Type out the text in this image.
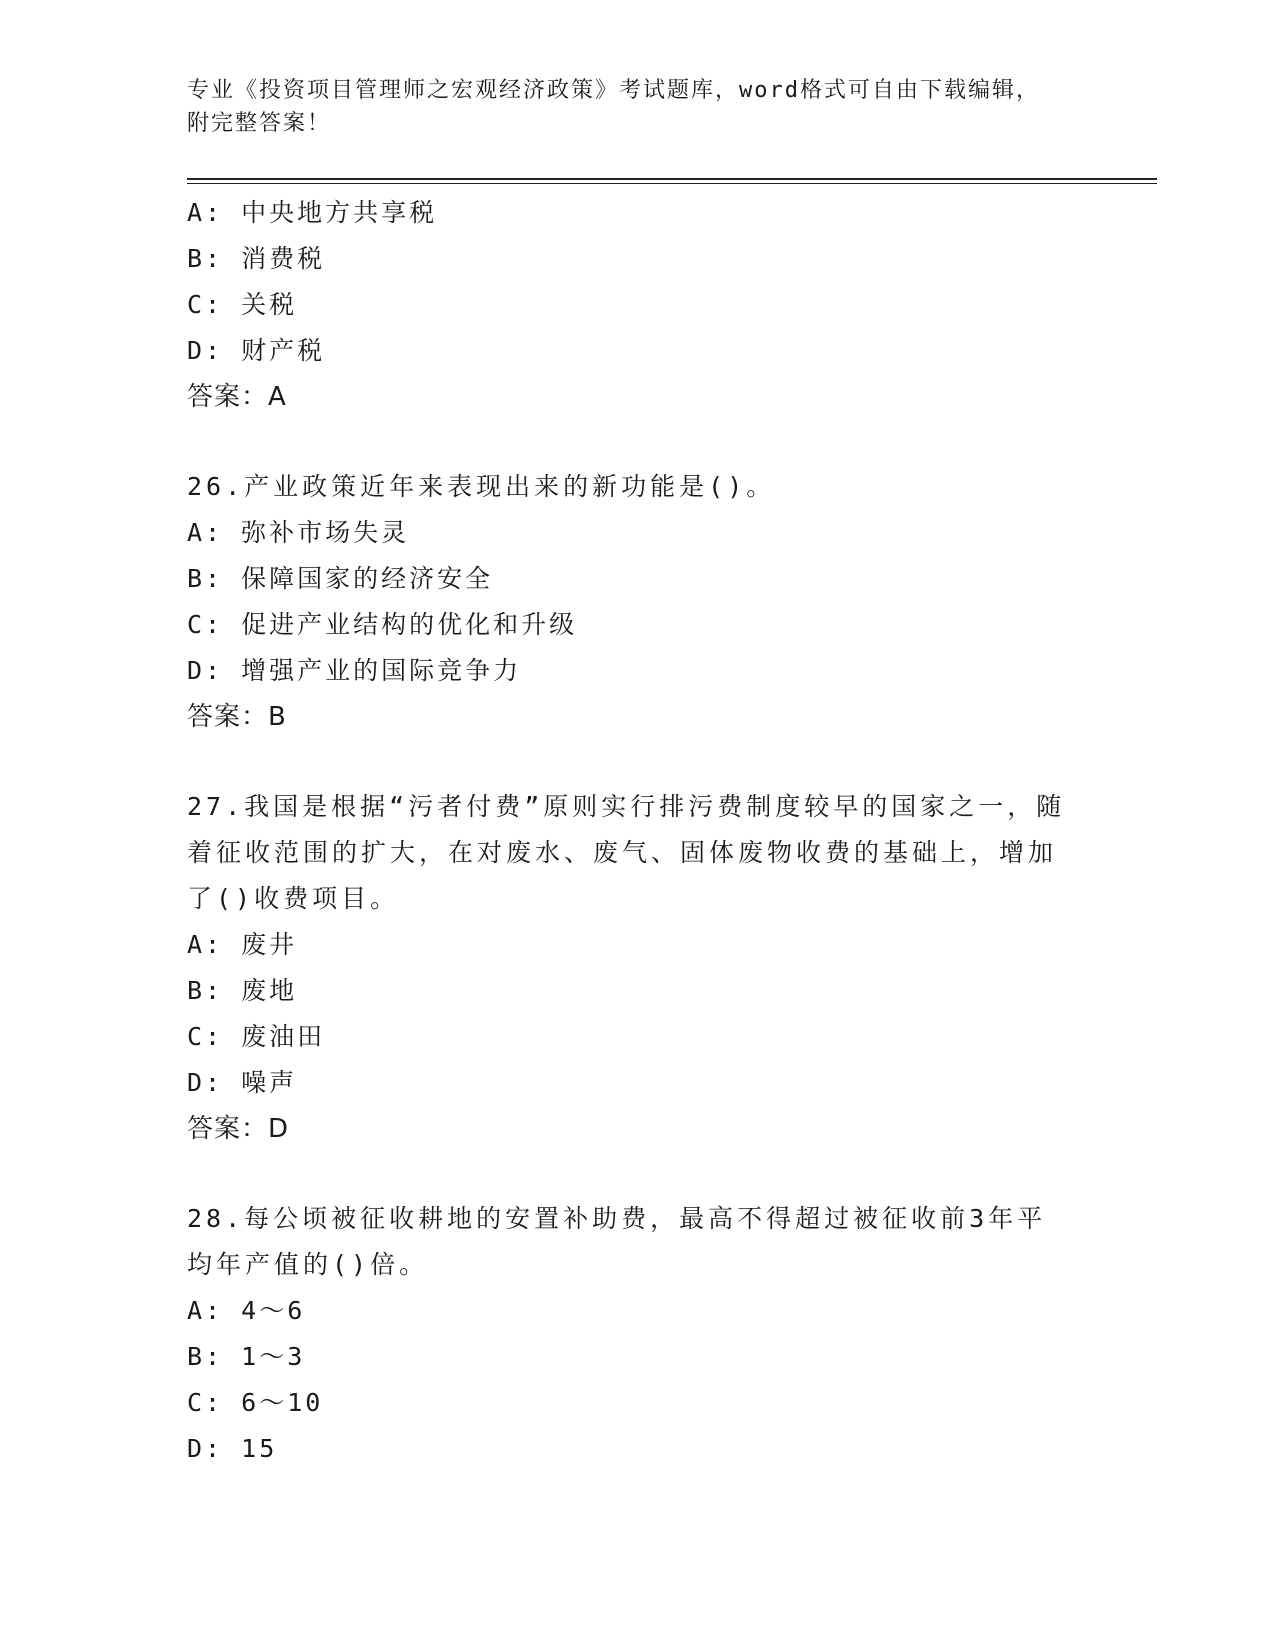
专业《投资项目管理师之宏观经济政策》考试题库，word格式可自由下载编辑，
附完整答案！
A: 中央地方共享税
B: 消费税
C: 关税
D: 财产税
答案：A
26.产业政策近年来表现出来的新功能是()。
A: 弥补市场失灵
B: 保障国家的经济安全
C: 促进产业结构的优化和升级
D: 增强产业的国际竞争力
答案：B
27.我国是根据“污者付费”原则实行排污费制度较早的国家之一，随着征收范围的扩大，在对废水、废气、固体废物收费的基础上，增加了()收费项目。
A: 废井
B: 废地
C: 废油田
D: 噪声
答案：D
28.每公顷被征收耕地的安置补助费，最高不得超过被征收前3年平均年产值的()倍。
A: 4～6
B: 1～3
C: 6～10
D: 15
